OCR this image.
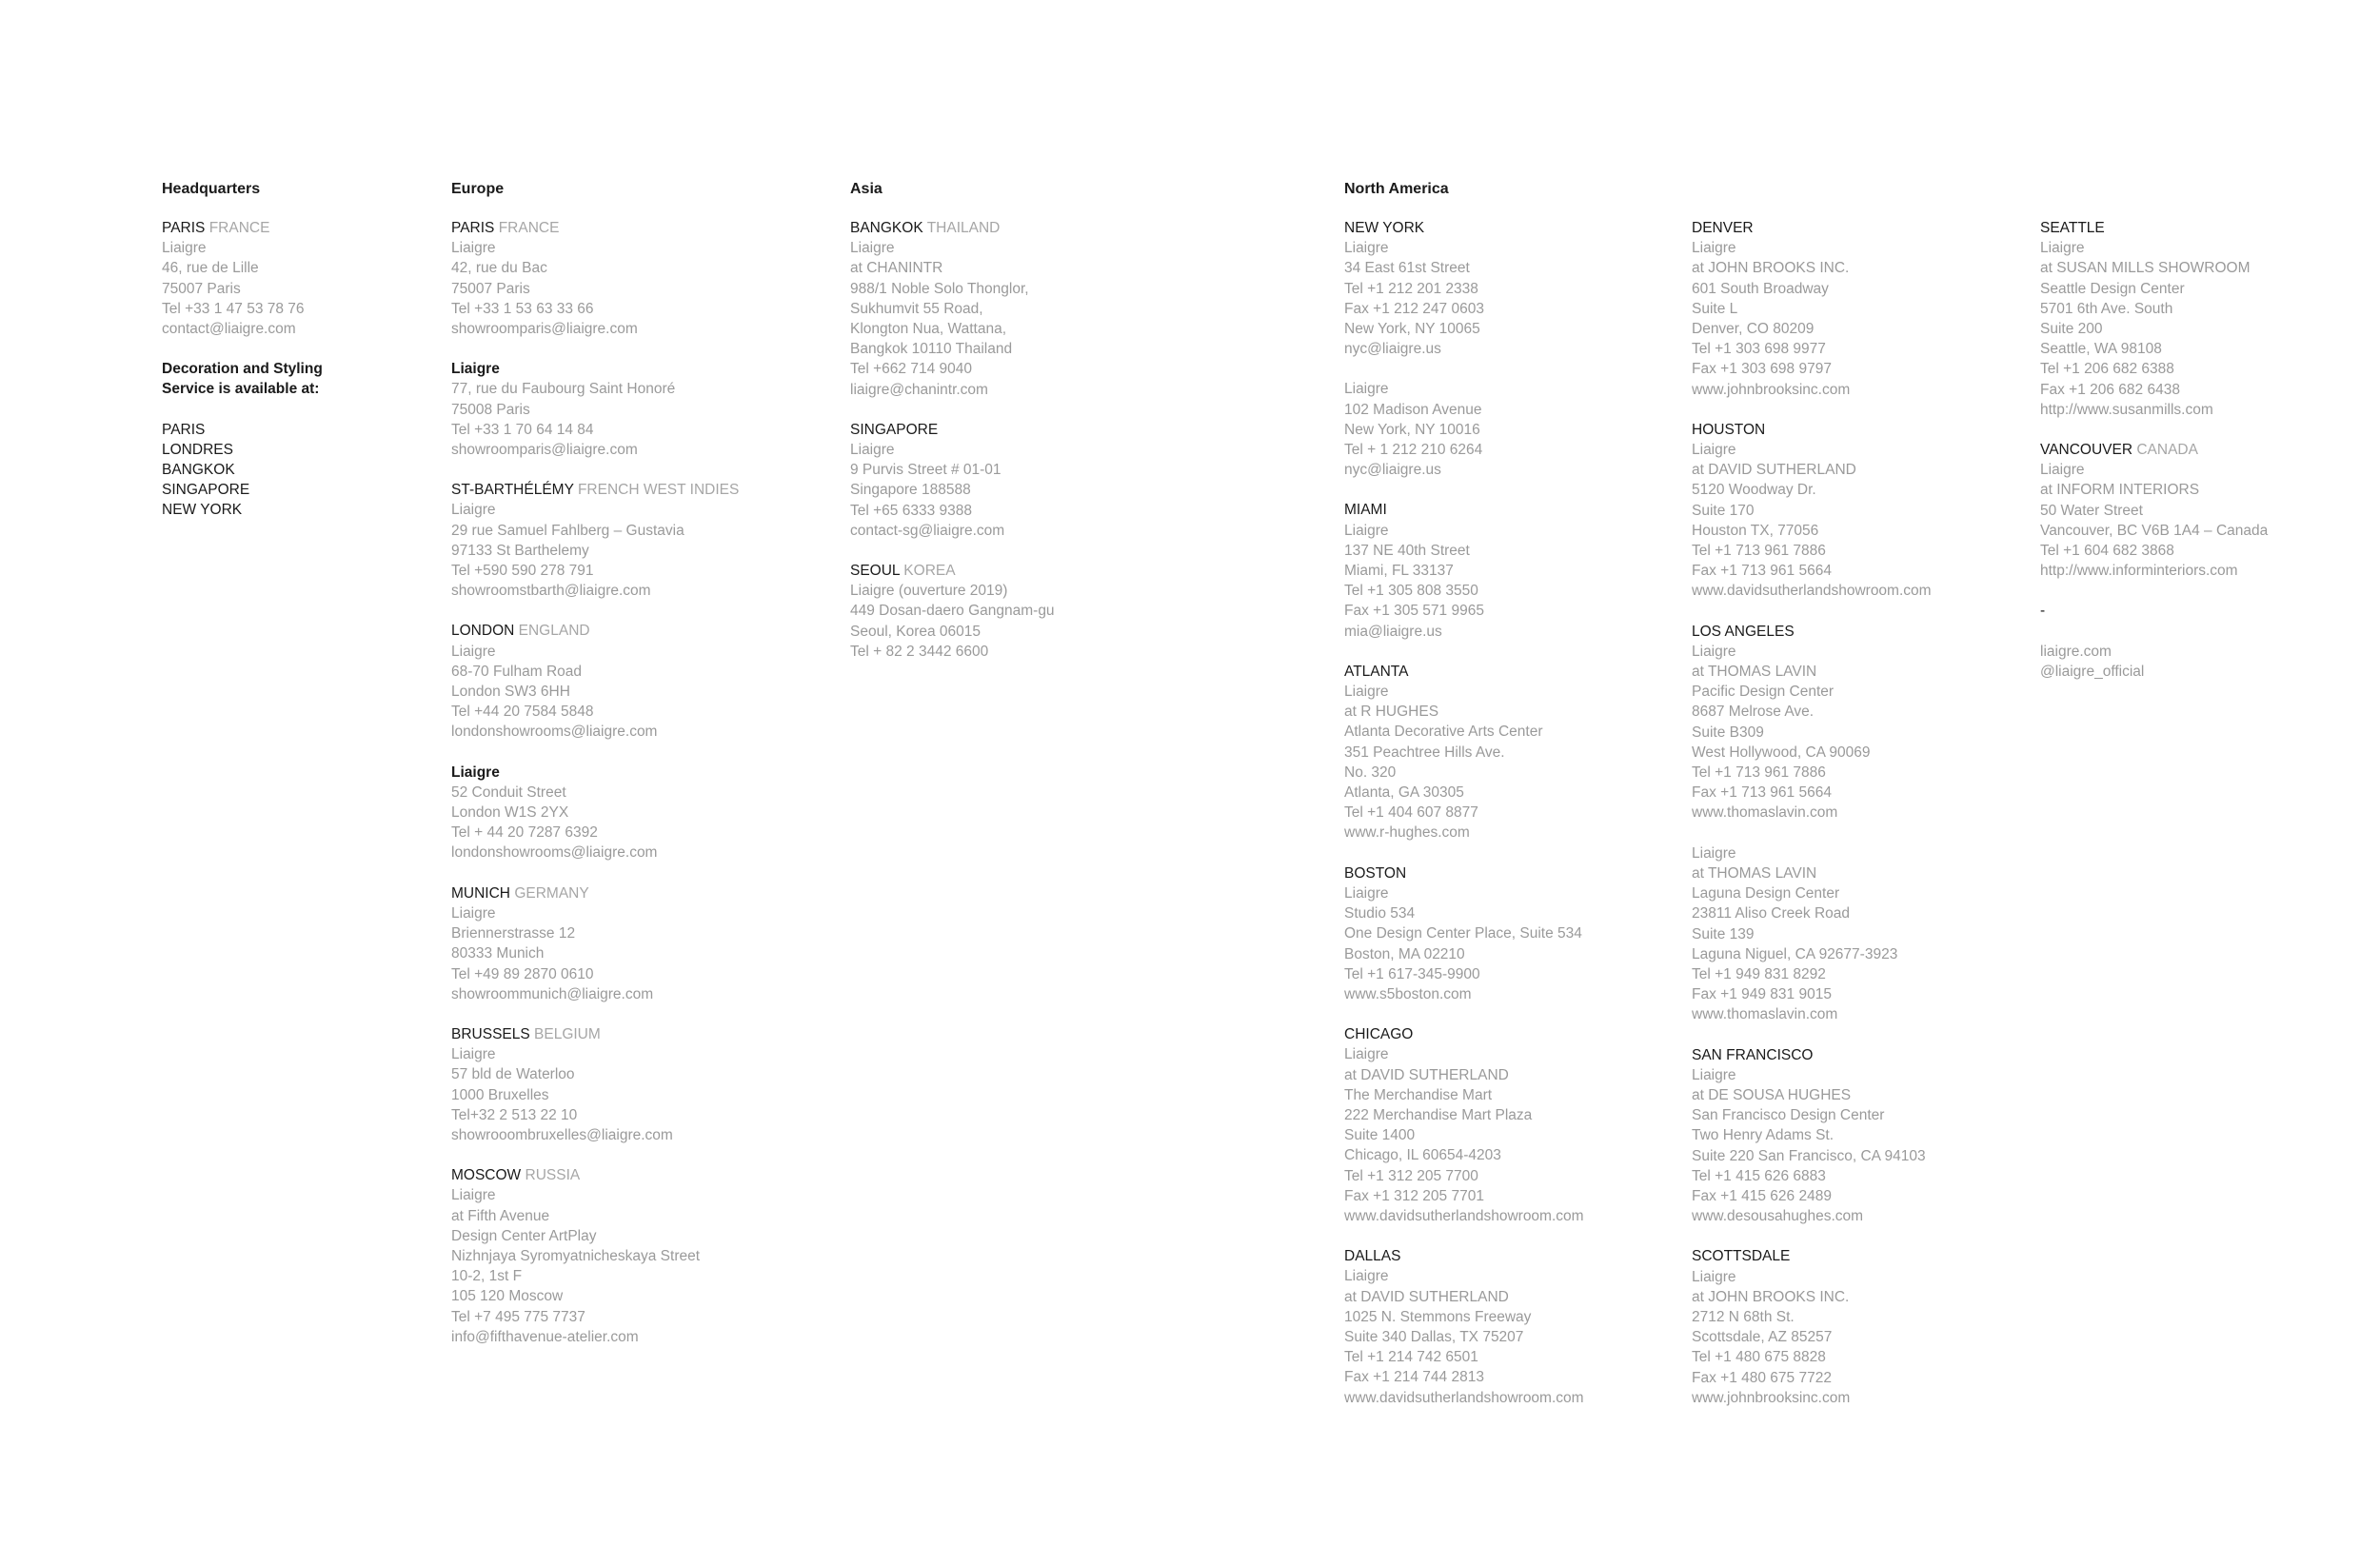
Headquarters
PARIS FRANCE
Liaigre
46, rue de Lille
75007 Paris
Tel +33 1 47 53 78 76
contact@liaigre.com
Decoration and Styling
Service is available at:
PARIS
LONDRES
BANGKOK
SINGAPORE
NEW YORK
Europe
PARIS FRANCE
Liaigre
42, rue du Bac
75007 Paris
Tel +33 1 53 63 33 66
showroomparis@liaigre.com
Liaigre
77, rue du Faubourg Saint Honoré
75008 Paris
Tel +33 1 70 64 14 84
showroomparis@liaigre.com
ST-BARTHÉLÉMY FRENCH WEST INDIES
Liaigre
29 rue Samuel Fahlberg – Gustavia
97133 St Barthelemy
Tel +590 590 278 791
showroomstbarth@liaigre.com
LONDON ENGLAND
Liaigre
68-70 Fulham Road
London SW3 6HH
Tel +44 20 7584 5848
londonshowrooms@liaigre.com
Liaigre
52 Conduit Street
London W1S 2YX
Tel + 44 20 7287 6392
londonshowrooms@liaigre.com
MUNICH GERMANY
Liaigre
Briennerstrasse 12
80333 Munich
Tel +49 89 2870 0610
showroommunich@liaigre.com
BRUSSELS BELGIUM
Liaigre
57 bld de Waterloo
1000 Bruxelles
Tel+32 2 513 22 10
showrooombruxelles@liaigre.com
MOSCOW RUSSIA
Liaigre
at Fifth Avenue
Design Center ArtPlay
Nizhnjaya Syromyatnicheskaya Street
10-2, 1st F
105 120 Moscow
Tel +7 495 775 7737
info@fifthavenue-atelier.com
Asia
BANGKOK THAILAND
Liaigre
at CHANINTR
988/1 Noble Solo Thonglor,
Sukhumvit 55 Road,
Klongton Nua, Wattana,
Bangkok 10110 Thailand
Tel +662 714 9040
liaigre@chanintr.com
SINGAPORE
Liaigre
9 Purvis Street # 01-01
Singapore 188588
Tel +65 6333 9388
contact-sg@liaigre.com
SEOUL KOREA
Liaigre (ouverture 2019)
449 Dosan-daero Gangnam-gu
Seoul, Korea 06015
Tel + 82 2 3442 6600
North America
NEW YORK
Liaigre
34 East 61st Street
Tel +1 212 201 2338
Fax +1 212 247 0603
New York, NY 10065
nyc@liaigre.us
Liaigre
102 Madison Avenue
New York, NY 10016
Tel + 1 212 210 6264
nyc@liaigre.us
MIAMI
Liaigre
137 NE 40th Street
Miami, FL 33137
Tel +1 305 808 3550
Fax +1 305 571 9965
mia@liaigre.us
ATLANTA
Liaigre
at R HUGHES
Atlanta Decorative Arts Center
351 Peachtree Hills Ave.
No. 320
Atlanta, GA 30305
Tel +1 404 607 8877
www.r-hughes.com
BOSTON
Liaigre
Studio 534
One Design Center Place, Suite 534
Boston, MA 02210
Tel +1 617-345-9900
www.s5boston.com
CHICAGO
Liaigre
at DAVID SUTHERLAND
The Merchandise Mart
222 Merchandise Mart Plaza
Suite 1400
Chicago, IL 60654-4203
Tel +1 312 205 7700
Fax +1 312 205 7701
www.davidsutherlandshowroom.com
DALLAS
Liaigre
at DAVID SUTHERLAND
1025 N. Stemmons Freeway
Suite 340 Dallas, TX 75207
Tel +1 214 742 6501
Fax +1 214 744 2813
www.davidsutherlandshowroom.com
DENVER
Liaigre
at JOHN BROOKS INC.
601 South Broadway
Suite L
Denver, CO 80209
Tel +1 303 698 9977
Fax +1 303 698 9797
www.johnbrooksinc.com
HOUSTON
Liaigre
at DAVID SUTHERLAND
5120 Woodway Dr.
Suite 170
Houston TX, 77056
Tel +1 713 961 7886
Fax +1 713 961 5664
www.davidsutherlandshowroom.com
LOS ANGELES
Liaigre
at THOMAS LAVIN
Pacific Design Center
8687 Melrose Ave.
Suite B309
West Hollywood, CA 90069
Tel +1 713 961 7886
Fax +1 713 961 5664
www.thomaslavin.com
Liaigre
at THOMAS LAVIN
Laguna Design Center
23811 Aliso Creek Road
Suite 139
Laguna Niguel, CA 92677-3923
Tel +1 949 831 8292
Fax +1 949 831 9015
www.thomaslavin.com
SAN FRANCISCO
Liaigre
at DE SOUSA HUGHES
San Francisco Design Center
Two Henry Adams St.
Suite 220 San Francisco, CA 94103
Tel +1 415 626 6883
Fax +1 415 626 2489
www.desousahughes.com
SCOTTSDALE
Liaigre
at JOHN BROOKS INC.
2712 N 68th St.
Scottsdale, AZ 85257
Tel +1 480 675 8828
Fax +1 480 675 7722
www.johnbrooksinc.com
SEATTLE
Liaigre
at SUSAN MILLS SHOWROOM
Seattle Design Center
5701 6th Ave. South
Suite 200
Seattle, WA 98108
Tel +1 206 682 6388
Fax +1 206 682 6438
http://www.susanmills.com
VANCOUVER CANADA
Liaigre
at INFORM INTERIORS
50 Water Street
Vancouver, BC V6B 1A4 – Canada
Tel +1 604 682 3868
http://www.informinteriors.com
-
liaigre.com
@liaigre_official
